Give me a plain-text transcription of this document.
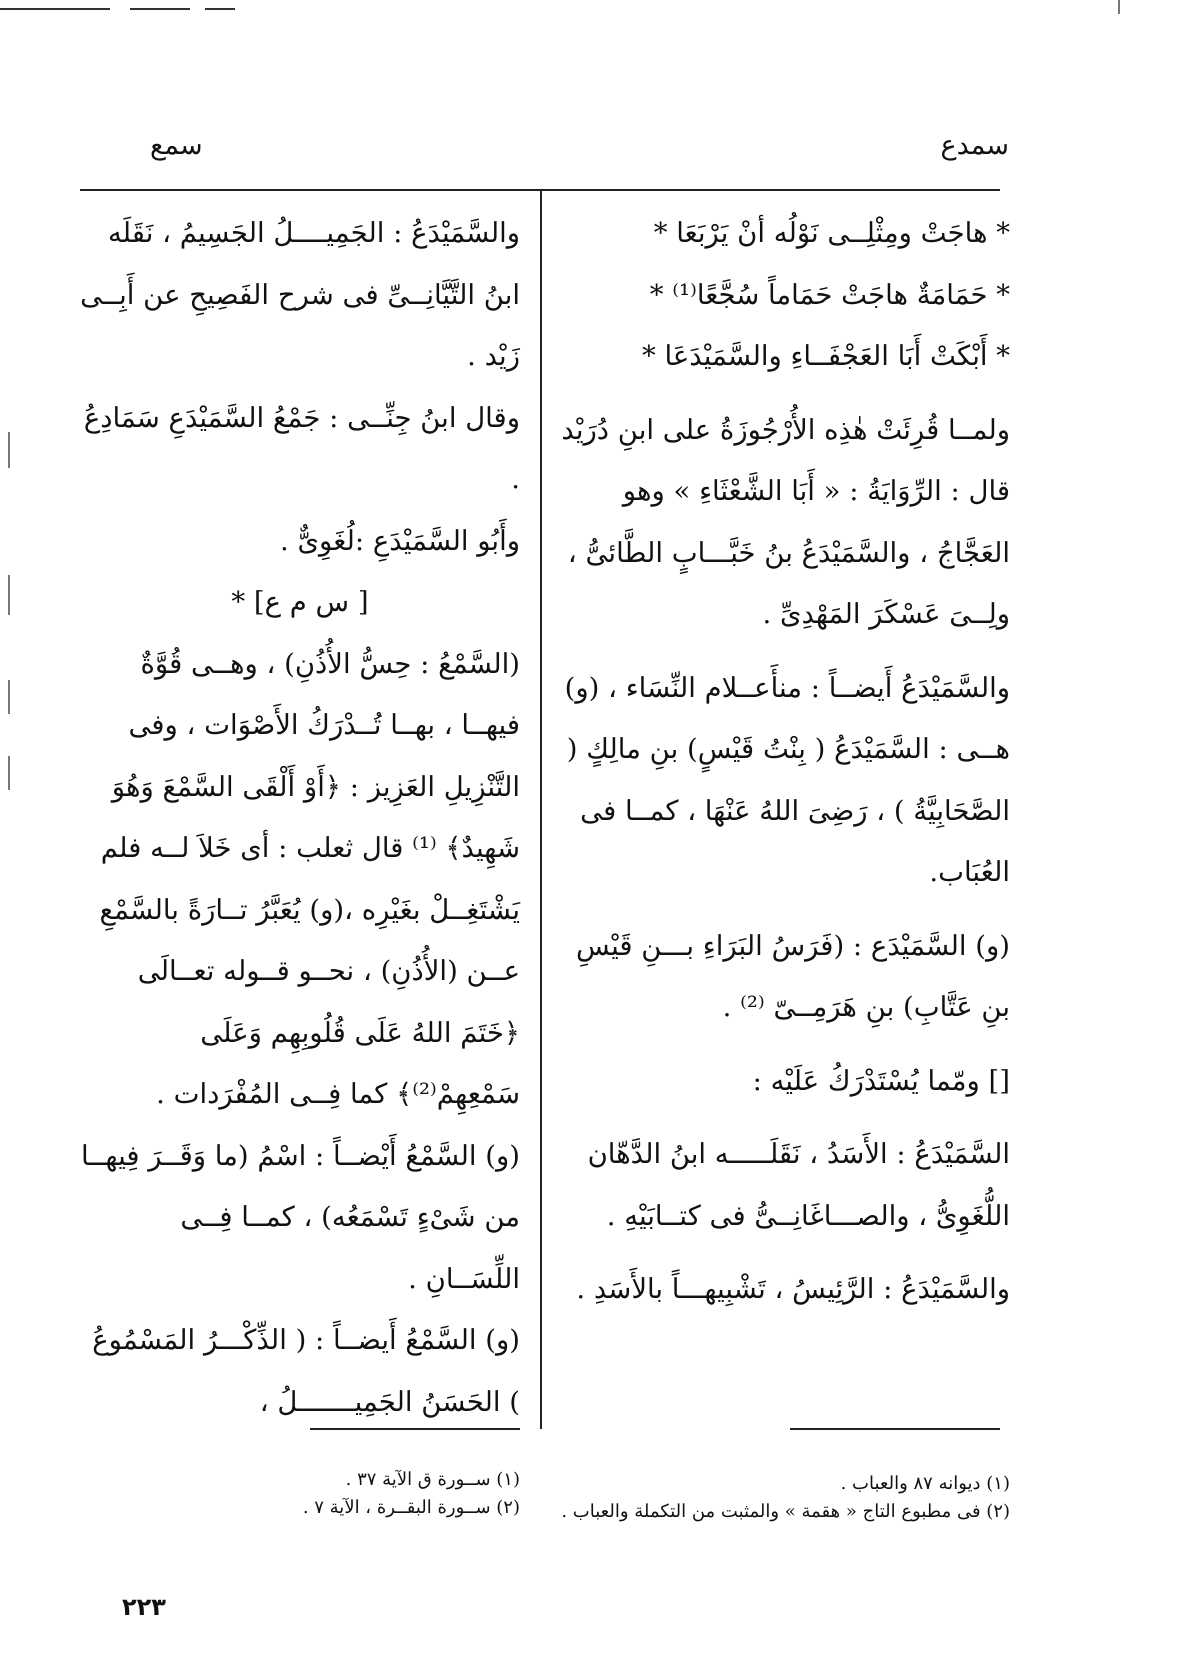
سمدع
سمع

* هاجَتْ ومِثْلِــى نَوْلُه أنْ يَرْبَعَا *

* حَمَامَةٌ هاجَتْ حَمَاماً سُجَّعًا⁽¹⁾ *

* أَبْكَتْ أَبَا العَجْفَــاءِ والسَّمَيْدَعَا *

ولمــا قُرِئَتْ هٰذِه الأُرْجُوزَةُ على ابنِ دُرَيْد قال : الرِّوَايَةُ : « أَبَا الشَّعْثَاءِ » وهو العَجَّاجُ ، والسَّمَيْدَعُ بنُ خَبَّـــابٍ الطَّائىُّ ، ولِــىَ عَسْكَرَ المَهْدِىِّ .

والسَّمَيْدَعُ أَيضــاً : منأَعــلام النِّسَاء ، (و) هــى : السَّمَيْدَعُ ( بِنْتُ قَيْسٍ) بنِ مالِكٍ ( الصَّحَابِيَّةُ ) ، رَضِىَ اللهُ عَنْهَا ، كمــا فى العُبَاب.

(و) السَّمَيْدَع : (فَرَسُ البَرَاءِ بـــنِ قَيْسِ بنِ عَتَّابِ) بنِ هَرَمِــىّ ⁽²⁾ .

[] ومّما يُسْتَدْرَكُ عَلَيْه :

السَّمَيْدَعُ : الأَسَدُ ، نَقَلَـــــه ابنُ الدَّهّان اللُّغَوِىُّ ، والصـــاغَانِــىُّ فى كتــابَيْهِ .

والسَّمَيْدَعُ : الرَّئِيسُ ، تَشْبِيهـــاً بالأَسَدِ .

والسَّمَيْدَعُ : الجَمِيــــلُ الجَسِيمُ ، نَقَلَه ابنُ التَّيَّانِــىِّ فى شرح الفَصِيحِ عن أَبِــى زَيْد .

وقال ابنُ جِنِّــى : جَمْعُ السَّمَيْدَعِ سَمَادِعُ .

وأَبُو السَّمَيْدَعِ :لُغَوِىٌّ .

[ س م ع] *

(السَّمْعُ : حِسُّ الأُذُنِ) ، وهــى قُوَّةٌ فيهــا ، بهــا تُــدْرَكُ الأَصْوَات ، وفى التَّنْزِيلِ العَزِيز : ﴿أَوْ أَلْقَى السَّمْعَ وَهُوَ شَهِيدٌ﴾ ⁽¹⁾ قال ثعلب : أى خَلاَ لــه فلم يَشْتَغِــلْ بغَيْرِه ،(و) يُعَبَّرُ تــارَةً بالسَّمْعِ عــن (الأُذُنِ) ، نحــو قــوله تعــالَى ﴿خَتَمَ اللهُ عَلَى قُلُوبِهِم وَعَلَى سَمْعِهِمْ⁽²⁾﴾ كما فِــى المُفْرَدات .

(و) السَّمْعُ أَيْضــاً : اسْمُ (ما وَقَــرَ فِيهــا من شَىْءٍ تَسْمَعُه) ، كمــا فِــى اللِّسَــانِ .

(و) السَّمْعُ أَيضــاً : ( الذِّكْـــرُ المَسْمُوعُ ) الحَسَنُ الجَمِيـــــــلُ ،

(١) ديوانه ٨٧ والعباب .

(٢) فى مطبوع التاج « هقمة » والمثبت من التكملة والعباب .

(١) ســورة ق الآية ٣٧ .

(٢) ســورة البقــرة ، الآية ٧ .

٢٢٣
